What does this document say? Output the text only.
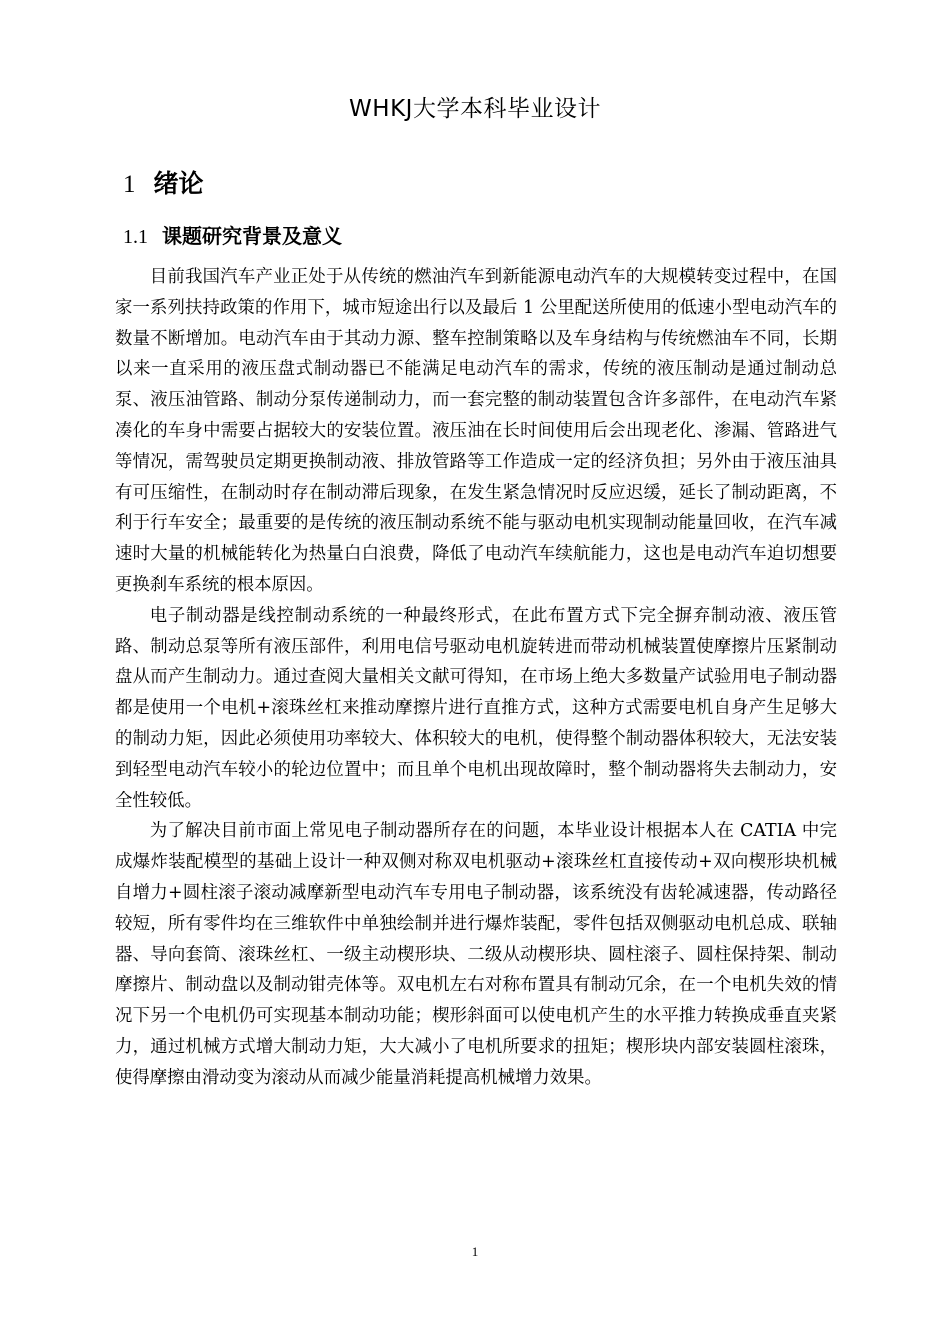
WHKJ大学本科毕业设计
1 绪论
1.1 课题研究背景及意义

目前我国汽车产业正处于从传统的燃油汽车到新能源电动汽车的大规模转变过程中，在国家一系列扶持政策的作用下，城市短途出行以及最后 1 公里配送所使用的低速小型电动汽车的数量不断增加。电动汽车由于其动力源、整车控制策略以及车身结构与传统燃油车不同，长期以来一直采用的液压盘式制动器已不能满足电动汽车的需求，传统的液压制动是通过制动总泵、液压油管路、制动分泵传递制动力，而一套完整的制动装置包含许多部件，在电动汽车紧凑化的车身中需要占据较大的安装位置。液压油在长时间使用后会出现老化、渗漏、管路进气等情况，需驾驶员定期更换制动液、排放管路等工作造成一定的经济负担；另外由于液压油具有可压缩性，在制动时存在制动滞后现象，在发生紧急情况时反应迟缓，延长了制动距离，不利于行车安全；最重要的是传统的液压制动系统不能与驱动电机实现制动能量回收，在汽车减速时大量的机械能转化为热量白白浪费，降低了电动汽车续航能力，这也是电动汽车迫切想要更换刹车系统的根本原因。

电子制动器是线控制动系统的一种最终形式，在此布置方式下完全摒弃制动液、液压管路、制动总泵等所有液压部件，利用电信号驱动电机旋转进而带动机械装置使摩擦片压紧制动盘从而产生制动力。通过查阅大量相关文献可得知，在市场上绝大多数量产试验用电子制动器都是使用一个电机+滚珠丝杠来推动摩擦片进行直推方式，这种方式需要电机自身产生足够大的制动力矩，因此必须使用功率较大、体积较大的电机，使得整个制动器体积较大，无法安装到轻型电动汽车较小的轮边位置中；而且单个电机出现故障时，整个制动器将失去制动力，安全性较低。

为了解决目前市面上常见电子制动器所存在的问题，本毕业设计根据本人在 CATIA 中完成爆炸装配模型的基础上设计一种双侧对称双电机驱动+滚珠丝杠直接传动+双向楔形块机械自增力+圆柱滚子滚动减摩新型电动汽车专用电子制动器，该系统没有齿轮减速器，传动路径较短，所有零件均在三维软件中单独绘制并进行爆炸装配，零件包括双侧驱动电机总成、联轴器、导向套筒、滚珠丝杠、一级主动楔形块、二级从动楔形块、圆柱滚子、圆柱保持架、制动摩擦片、制动盘以及制动钳壳体等。双电机左右对称布置具有制动冗余，在一个电机失效的情况下另一个电机仍可实现基本制动功能；楔形斜面可以使电机产生的水平推力转换成垂直夹紧力，通过机械方式增大制动力矩，大大减小了电机所要求的扭矩；楔形块内部安装圆柱滚珠，使得摩擦由滑动变为滚动从而减少能量消耗提高机械增力效果。

1
